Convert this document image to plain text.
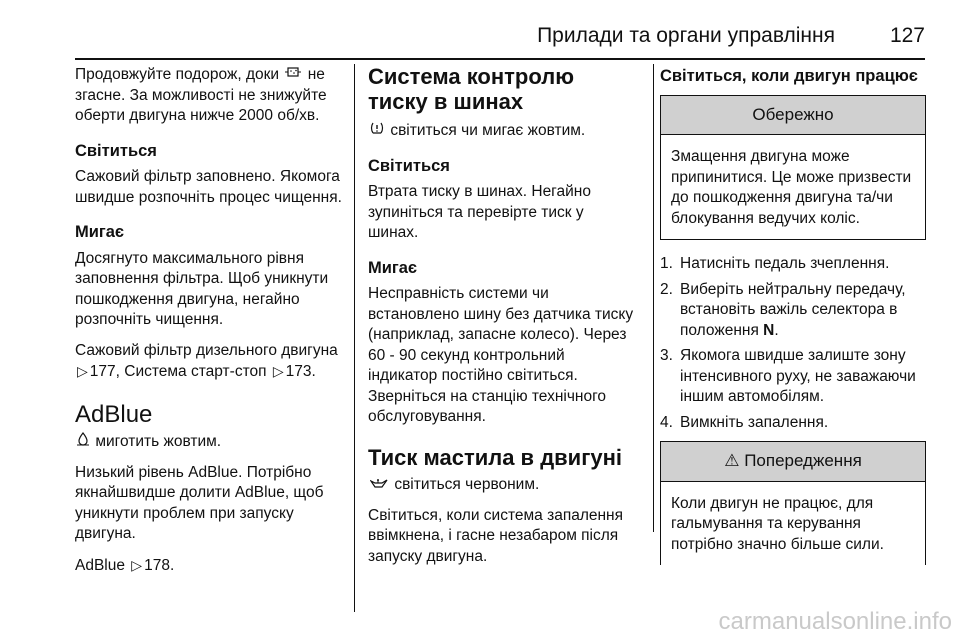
Прилади та органи управління	127

Продовжуйте подорож, доки не згасне. За можливості не знижуйте оберти двигуна нижче 2000 об/хв.

Світиться

Сажовий фільтр заповнено. Якомога швидше розпочніть процес чищення.

Мигає

Досягнуто максимального рівня заповнення фільтра. Щоб уникнути пошкодження двигуна, негайно розпочніть чищення.

Сажовий фільтр дизельного двигуна ▷ 177, Система старт-стоп ▷ 173.

AdBlue

миготить жовтим.

Низький рівень AdBlue. Потрібно якнайшвидше долити AdBlue, щоб уникнути проблем при запуску двигуна.

AdBlue ▷ 178.

Система контролю тиску в шинах

світиться чи мигає жовтим.

Світиться

Втрата тиску в шинах. Негайно зупиніться та перевірте тиск у шинах.

Мигає

Несправність системи чи встановлено шину без датчика тиску (наприклад, запасне колесо). Через 60 - 90 секунд контрольний індикатор постійно світиться. Зверніться на станцію технічного обслуговування.

Тиск мастила в двигуні

світиться червоним.

Світиться, коли система запалення ввімкнена, і гасне незабаром після запуску двигуна.

Світиться, коли двигун працює
Обережно
Змащення двигуна може припинитися. Це може призвести до пошкодження двигуна та/чи блокування ведучих коліс.
1. Натисніть педаль зчеплення.
2. Виберіть нейтральну передачу, встановіть важіль селектора в положення N.
3. Якомога швидше залиште зону інтенсивного руху, не заважаючи іншим автомобілям.
4. Вимкніть запалення.
⚠ Попередження
Коли двигун не працює, для гальмування та керування потрібно значно більше сили.
carmanualsonline.info
